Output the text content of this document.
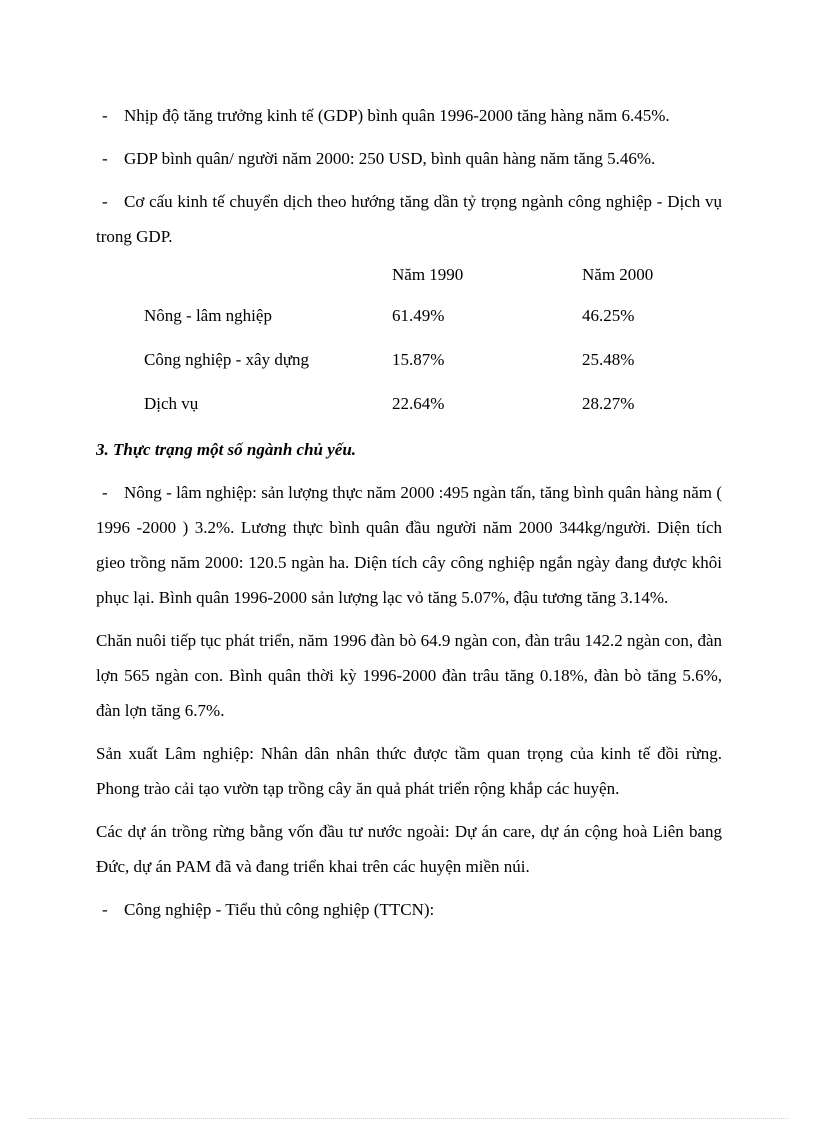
- Nhịp độ tăng trưởng kinh tế (GDP) bình quân 1996-2000 tăng hàng năm 6.45%.

- GDP bình quân/ người năm 2000: 250 USD, bình quân hàng năm tăng 5.46%.

- Cơ cấu kinh tế chuyển dịch theo hướng tăng dần tỷ trọng ngành công nghiệp - Dịch vụ trong GDP.

	Năm 1990	Năm 2000
Nông - lâm nghiệp	61.49%	46.25%
Công nghiệp - xây dựng	15.87%	25.48%
Dịch vụ	22.64%	28.27%

3. Thực trạng một số ngành chủ yếu.

- Nông - lâm nghiệp: sản lượng thực năm 2000 :495 ngàn tấn, tăng bình quân hàng năm ( 1996 -2000 ) 3.2%. Lương thực bình quân đầu người năm 2000 344kg/người. Diện tích gieo trồng năm 2000: 120.5 ngàn ha. Diện tích cây công nghiệp ngắn ngày đang được khôi phục lại. Bình quân 1996-2000 sản lượng lạc vỏ tăng 5.07%, đậu tương tăng 3.14%.

Chăn nuôi tiếp tục phát triển, năm 1996 đàn bò 64.9 ngàn con, đàn trâu 142.2 ngàn con, đàn lợn 565 ngàn con. Bình quân thời kỳ 1996-2000 đàn trâu tăng 0.18%, đàn bò tăng 5.6%, đàn lợn tăng 6.7%.

Sản xuất Lâm nghiệp: Nhân dân nhân thức được tầm quan trọng của kinh tế đồi rừng. Phong trào cải tạo vườn tạp trồng cây ăn quả phát triển rộng khắp các huyện.

Các dự án trồng rừng bằng vốn đầu tư nước ngoài: Dự án care, dự án cộng hoà Liên bang Đức, dự án PAM đã và đang triển khai trên các huyện miền núi.

- Công nghiệp - Tiểu thủ công nghiệp (TTCN):
